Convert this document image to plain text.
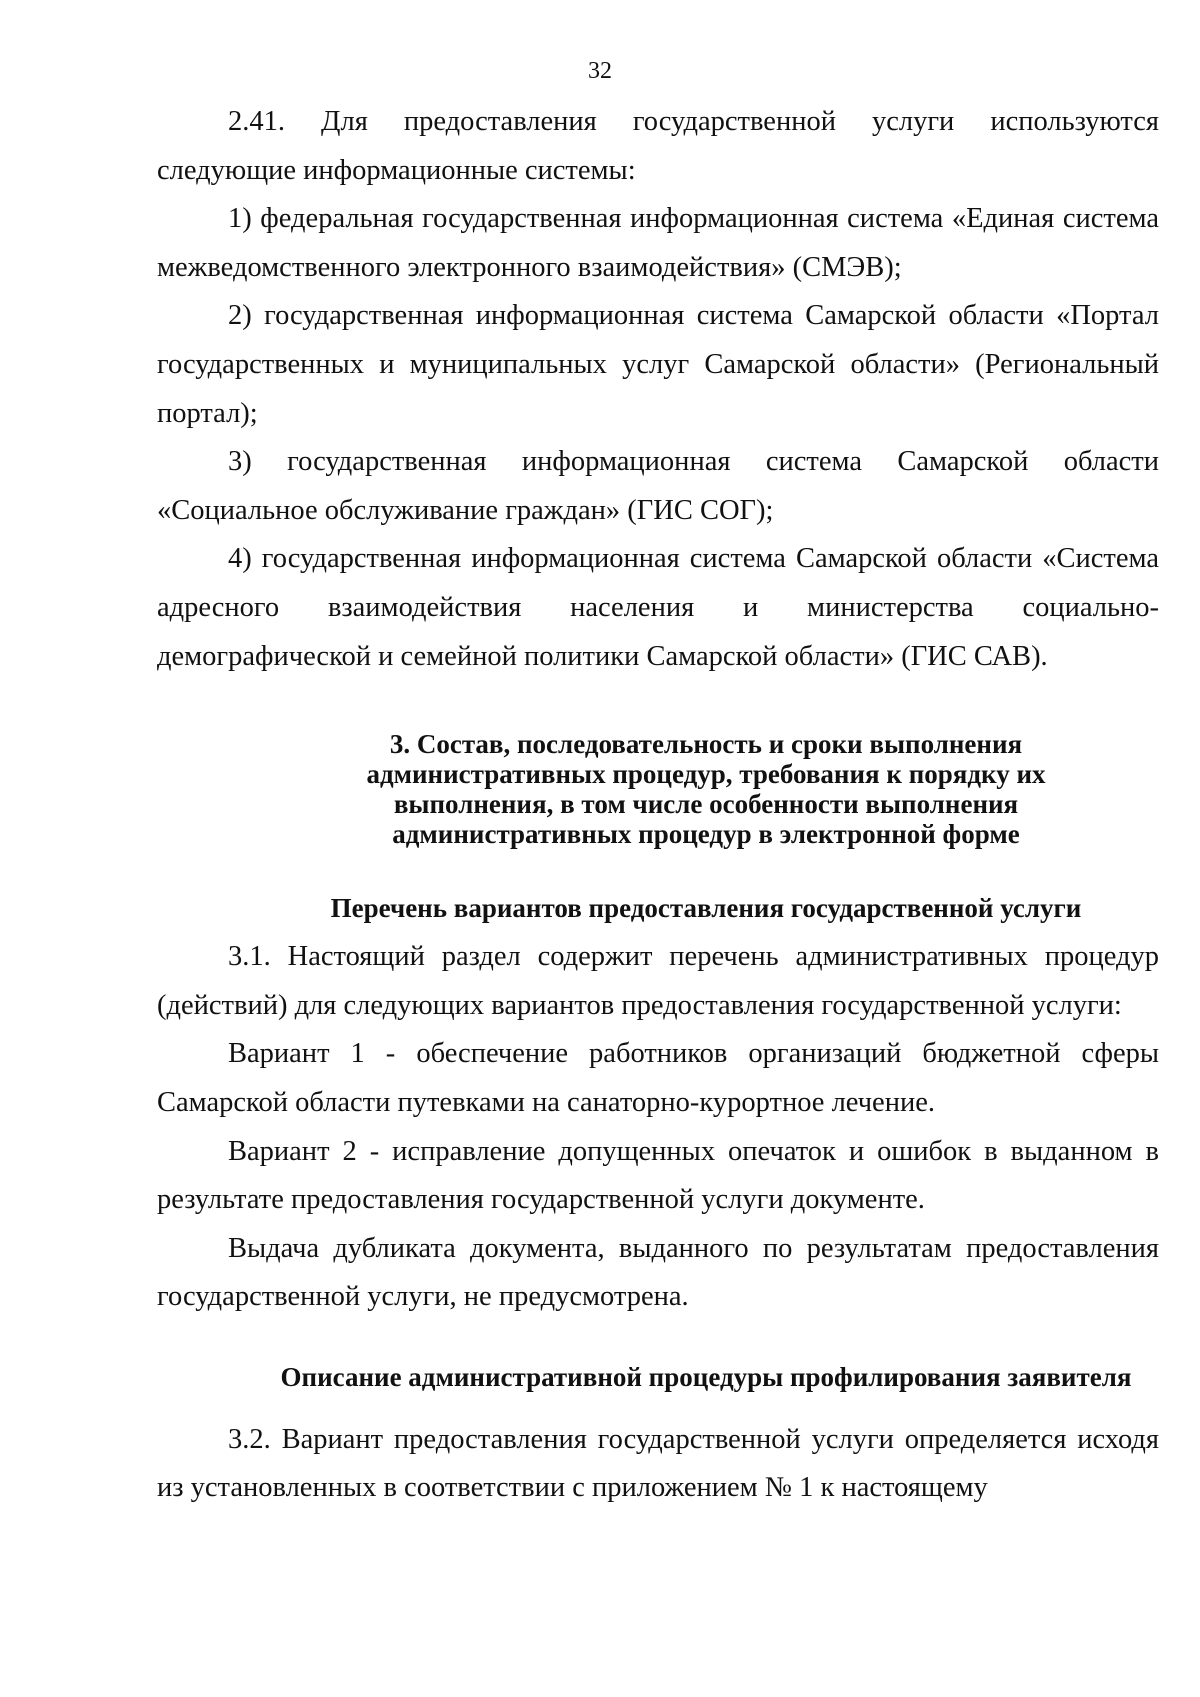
32

2.41. Для предоставления государственной услуги используются следующие информационные системы:

1) федеральная государственная информационная система «Единая система межведомственного электронного взаимодействия» (СМЭВ);

2) государственная информационная система Самарской области «Портал государственных и муниципальных услуг Самарской области» (Региональный портал);

3) государственная информационная система Самарской области «Социальное обслуживание граждан» (ГИС СОГ);

4) государственная информационная система Самарской области «Система адресного взаимодействия населения и министерства социально-демографической и семейной политики Самарской области» (ГИС САВ).

3. Состав, последовательность и сроки выполнения
административных процедур, требования к порядку их
выполнения, в том числе особенности выполнения
административных процедур в электронной форме
Перечень вариантов предоставления государственной услуги

3.1. Настоящий раздел содержит перечень административных процедур (действий) для следующих вариантов предоставления государственной услуги:

Вариант 1 - обеспечение работников организаций бюджетной сферы Самарской области путевками на санаторно-курортное лечение.

Вариант 2 - исправление допущенных опечаток и ошибок в выданном в результате предоставления государственной услуги документе.

Выдача дубликата документа, выданного по результатам предоставления государственной услуги, не предусмотрена.

Описание административной процедуры профилирования заявителя

3.2. Вариант предоставления государственной услуги определяется исходя из установленных в соответствии с приложением № 1 к настоящему
